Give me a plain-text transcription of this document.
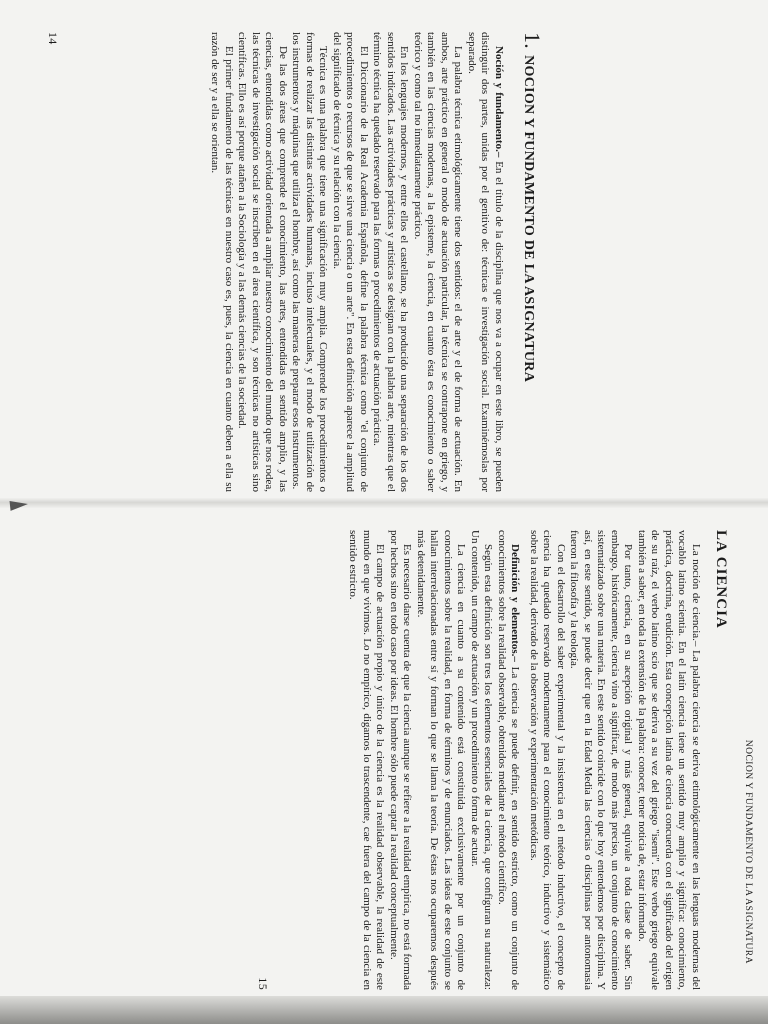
1.NOCION Y FUNDAMENTO DE LA ASIGNATURA

Noción y fundamento.– En el título de la disciplina que nos va a ocupar en este libro, se pueden distinguir dos partes, unidas por el genitivo de: técnicas e investigación social. Examinémoslas por separado.

La palabra técnica etimológicamente tiene dos sentidos: el de arte y el de forma de actuación. En ambos, arte práctico en general o modo de actuación particular, la técnica se contrapone en griego, y también en las ciencias modernas, a la episteme, la ciencia, en cuanto ésta es conocimiento o saber teórico y como tal no inmediatamente práctico.

En los lenguajes modernos, y entre ellos el castellano, se ha producido una separación de los dos sentidos indicados. Las actividades prácticas y artísticas se designan con la palabra arte, mientras que el término técnica ha quedado reservado para las formas o procedimientos de actuación práctica.

El Diccionario de la Real Academia Española, define la palabra técnica como "el conjunto de procedimientos o recursos de que se sirve una ciencia o un arte". En esta definición aparece la amplitud del significado de técnica y su relación con la ciencia.

Técnica es una palabra que tiene una significación muy amplia. Comprende los procedimientos o formas de realizar las distintas actividades humanas, incluso intelectuales, y el modo de utilización de los instrumentos y máquinas que utiliza el hombre, así como las maneras de preparar esos instrumentos.

De las dos áreas que comprende el conocimiento, las artes, entendidas en sentido amplio, y las ciencias, entendidas como actividad orientada a ampliar nuestro conocimiento del mundo que nos rodea, las técnicas de investigación social se inscriben en el área científica, y son técnicas no artísticas sino científicas. Ello es así porque atañen a la Sociología y a las demás ciencias de la sociedad.

El primer fundamento de las técnicas en nuestro caso es, pues, la ciencia en cuanto deben a ella su razón de ser y a ella se orientan.

14
NOCION Y FUNDAMENTO DE LA ASIGNATURA
LA CIENCIA

La noción de ciencia.– La palabra ciencia se deriva etimológicamente en las lenguas modernas del vocablo latino scientia. En el latín ciencia tiene un sentido muy amplio y significa: conocimiento, práctica, doctrina, erudición. Esta concepción latina de ciencia concuerda con el significado del origen de su raíz, el verbo latino scio que se deriva a su vez del griego "isemi". Este verbo griego equivale también a saber, en toda la extensión de la palabra: conocer, tener noticia de, estar informado.

Por tanto, ciencia, en su acepción original y más general, equivale a toda clase de saber. Sin embargo, históricamente, ciencia vino a significar, de modo más preciso, un conjunto de conocimiento sistematizado sobre una materia. En este sentido coincide con lo que hoy entendemos por disciplina. Y así, en este sentido, se puede decir que en la Edad Media las ciencias o disciplinas por antonomasia fueron la filosofía y la teología.

Con el desarrollo del saber experimental y la insistencia en el método inductivo, el concepto de ciencia ha quedado reservado modernamente para el conocimiento teórico, inductivo y sistemático sobre la realidad, derivado de la observación y experimentación metódicas.

Definición y elementos.– La ciencia se puede definir, en sentido estricto, como un conjunto de conocimientos sobre la realidad observable, obtenidos mediante el método científico.

Según esta definición son tres los elementos esenciales de la ciencia, que configuran su naturaleza: Un contenido, un campo de actuación y un procedimiento o forma de actuar.

La ciencia en cuanto a su contenido está constituida exclusivamente por un conjunto de conocimientos sobre la realidad, en forma de términos y de enunciados. Las ideas de este conjunto se hallan interrelacionadas entre sí y forman lo que se llama la teoría. De éstas nos ocuparemos después más detenidamente.

Es necesario darse cuenta de que la ciencia aunque se refiere a la realidad empírica, no está formada por hechos sino en todo caso por ideas. El hombre sólo puede captar la realidad conceptualmente.

El campo de actuación propio y único de la ciencia es la realidad observable, la realidad de este mundo en que vivimos. Lo no empírico, digamos lo trascendente, cae fuera del campo de la ciencia en sentido estricto.

15
